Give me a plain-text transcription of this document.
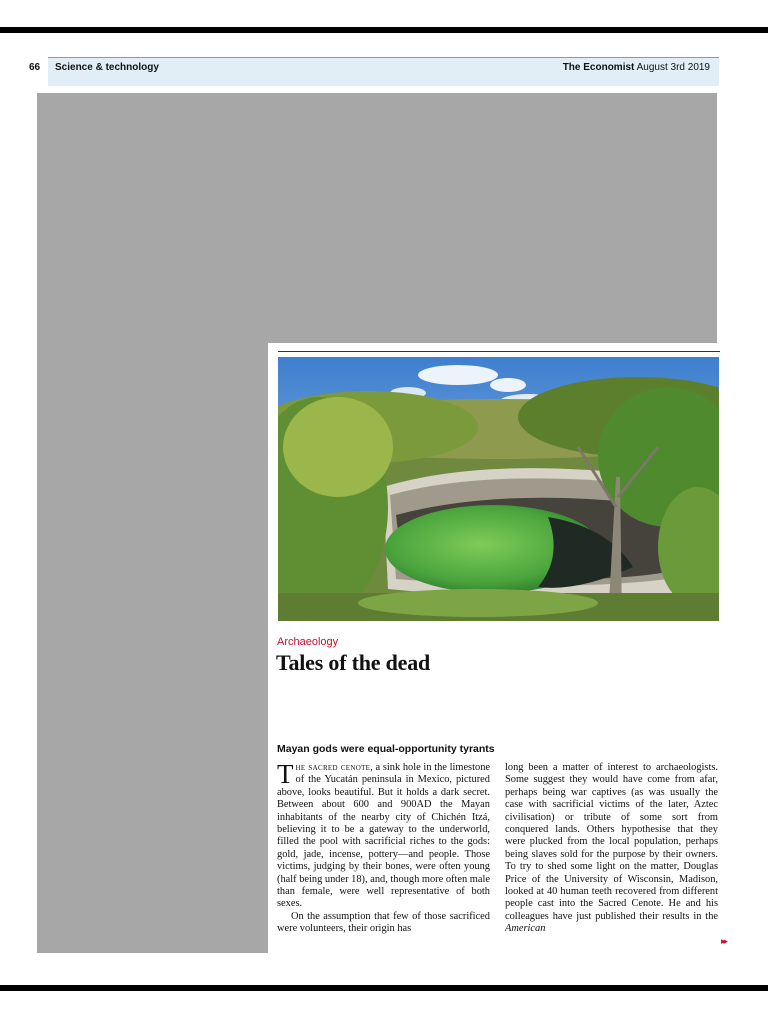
66 Science & technology	The Economist August 3rd 2019
Archaeology
Tales of the dead
Mayan gods were equal-opportunity tyrants

The sacred cenote, a sink hole in the limestone of the Yucatán peninsula in Mexico, pictured above, looks beautiful. But it holds a dark secret. Between about 600 and 900AD the Mayan inhabitants of the nearby city of Chichén Itzá, believing it to be a gateway to the underworld, filled the pool with sacrificial riches to the gods: gold, jade, incense, pottery—and people. Those victims, judging by their bones, were often young (half being under 18), and, though more often male than female, were well representative of both sexes.

On the assumption that few of those sacrificed were volunteers, their origin has

long been a matter of interest to archaeologists. Some suggest they would have come from afar, perhaps being war captives (as was usually the case with sacrificial victims of the later, Aztec civilisation) or tribute of some sort from conquered lands. Others hypothesise that they were plucked from the local population, perhaps being slaves sold for the purpose by their owners. To try to shed some light on the matter, Douglas Price of the University of Wisconsin, Madison, looked at 40 human teeth recovered from different people cast into the Sacred Cenote. He and his colleagues have just published their results in the American

▸▸
